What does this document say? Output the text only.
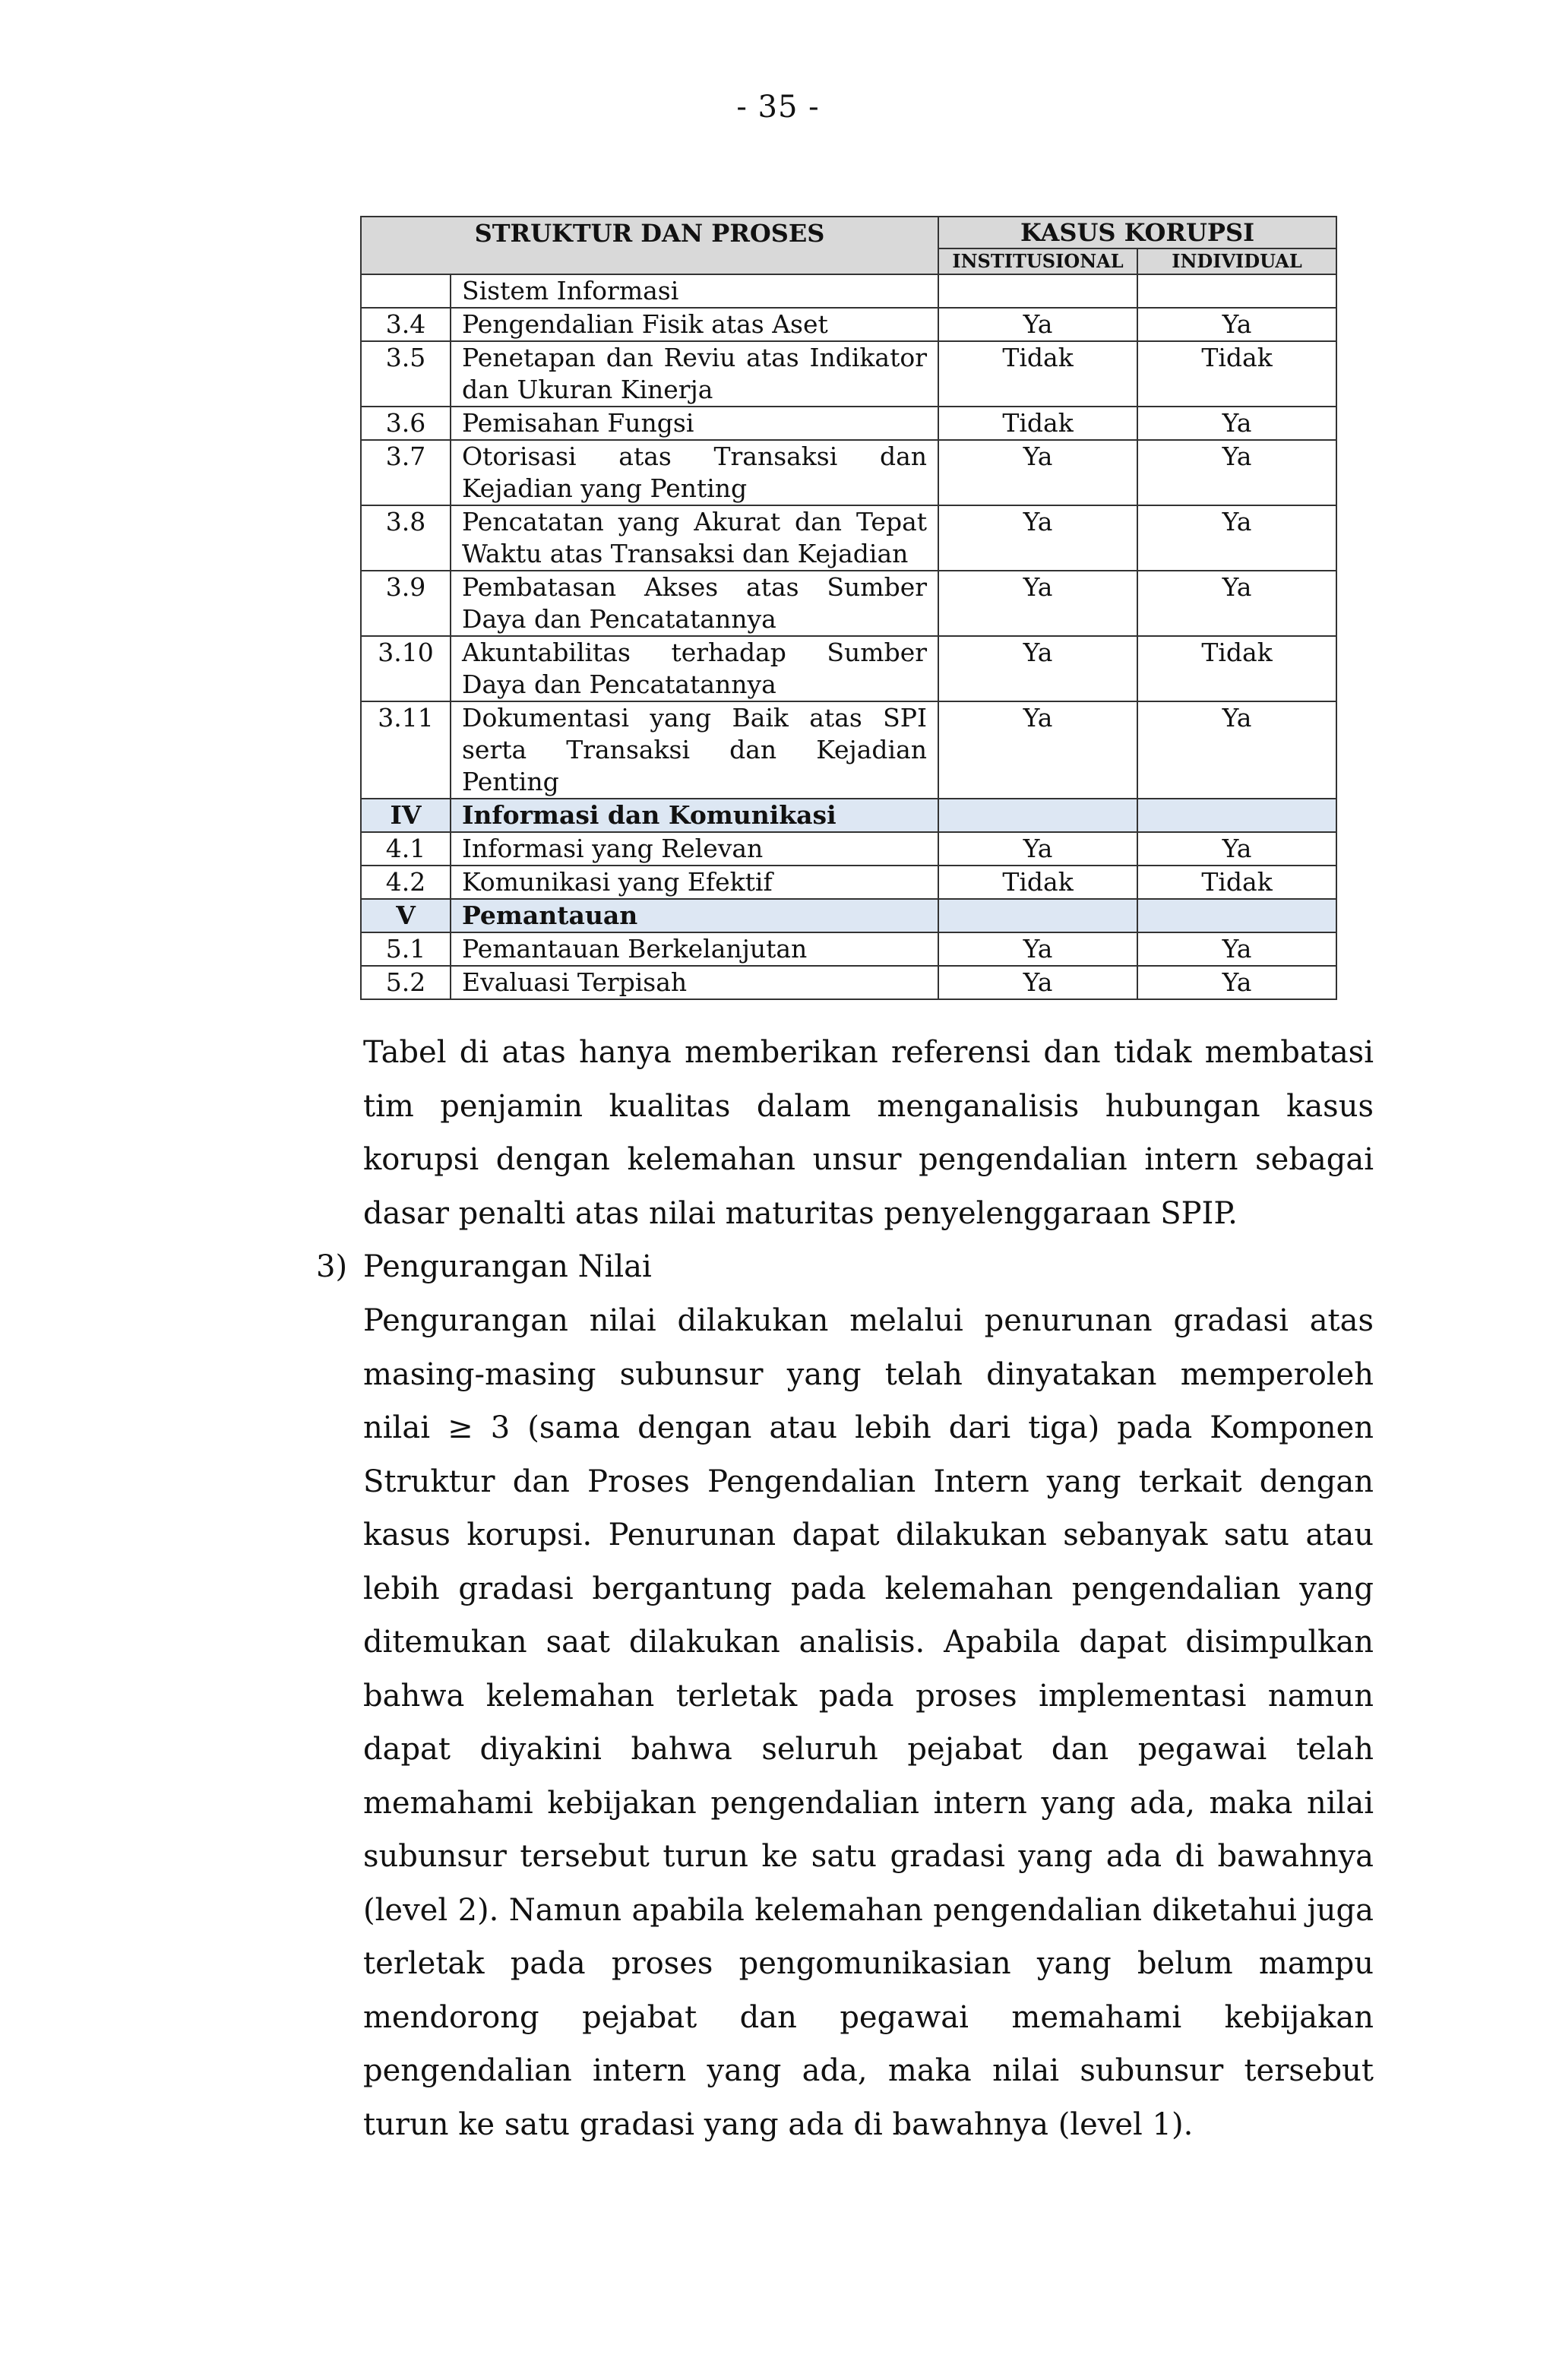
- 35 -
STRUKTUR DAN PROSES		KASUS KORUPSI	
		INSTITUSIONAL	INDIVIDUAL
	Sistem Informasi		
3.4	Pengendalian Fisik atas Aset	Ya	Ya
3.5	Penetapan dan Reviu atas Indikator dan Ukuran Kinerja	Tidak	Tidak
3.6	Pemisahan Fungsi	Tidak	Ya
3.7	Otorisasi atas Transaksi dan Kejadian yang Penting	Ya	Ya
3.8	Pencatatan yang Akurat dan Tepat Waktu atas Transaksi dan Kejadian	Ya	Ya
3.9	Pembatasan Akses atas Sumber Daya dan Pencatatannya	Ya	Ya
3.10	Akuntabilitas terhadap Sumber Daya dan Pencatatannya	Ya	Tidak
3.11	Dokumentasi yang Baik atas SPI serta Transaksi dan Kejadian Penting	Ya	Ya
IV	Informasi dan Komunikasi		
4.1	Informasi yang Relevan	Ya	Ya
4.2	Komunikasi yang Efektif	Tidak	Tidak
V	Pemantauan		
5.1	Pemantauan Berkelanjutan	Ya	Ya
5.2	Evaluasi Terpisah	Ya	Ya

Tabel di atas hanya memberikan referensi dan tidak membatasi tim penjamin kualitas dalam menganalisis hubungan kasus korupsi dengan kelemahan unsur pengendalian intern sebagai dasar penalti atas nilai maturitas penyelenggaraan SPIP.

3) Pengurangan Nilai

Pengurangan nilai dilakukan melalui penurunan gradasi atas masing-masing subunsur yang telah dinyatakan memperoleh nilai ≥ 3 (sama dengan atau lebih dari tiga) pada Komponen Struktur dan Proses Pengendalian Intern yang terkait dengan kasus korupsi. Penurunan dapat dilakukan sebanyak satu atau lebih gradasi bergantung pada kelemahan pengendalian yang ditemukan saat dilakukan analisis. Apabila dapat disimpulkan bahwa kelemahan terletak pada proses implementasi namun dapat diyakini bahwa seluruh pejabat dan pegawai telah memahami kebijakan pengendalian intern yang ada, maka nilai subunsur tersebut turun ke satu gradasi yang ada di bawahnya (level 2). Namun apabila kelemahan pengendalian diketahui juga terletak pada proses pengomunikasian yang belum mampu mendorong pejabat dan pegawai memahami kebijakan pengendalian intern yang ada, maka nilai subunsur tersebut turun ke satu gradasi yang ada di bawahnya (level 1).
